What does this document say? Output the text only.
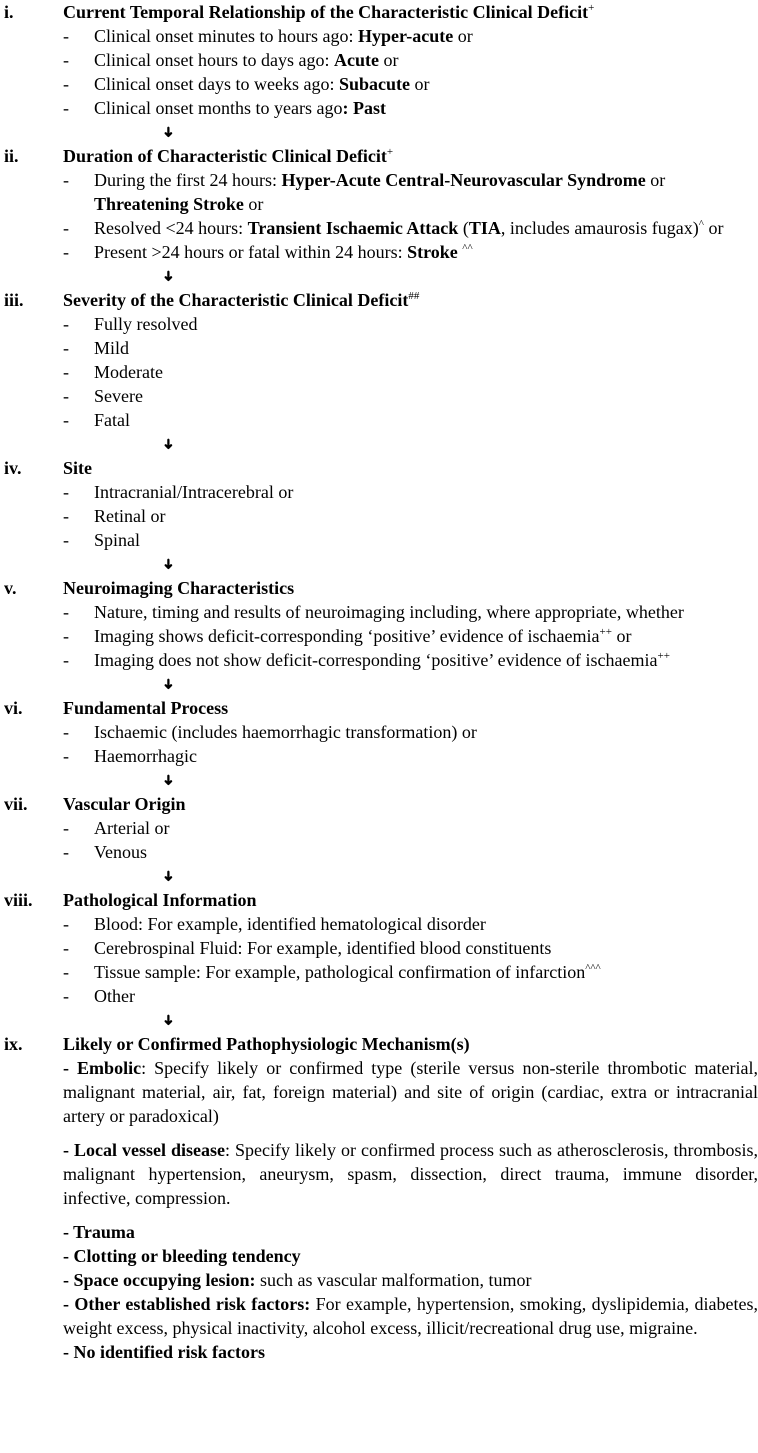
i.	Current Temporal Relationship of the Characteristic Clinical Deficit+
- Clinical onset minutes to hours ago: Hyper-acute or
- Clinical onset hours to days ago: Acute or
- Clinical onset days to weeks ago: Subacute or
- Clinical onset months to years ago: Past
➜
ii.	Duration of Characteristic Clinical Deficit+
- During the first 24 hours: Hyper-Acute Central-Neurovascular Syndrome or Threatening Stroke or
- Resolved <24 hours: Transient Ischaemic Attack (TIA, includes amaurosis fugax)^ or
- Present >24 hours or fatal within 24 hours: Stroke ^^
➜
iii.	Severity of the Characteristic Clinical Deficit##
- Fully resolved
- Mild
- Moderate
- Severe
- Fatal
➜
iv.	Site
- Intracranial/Intracerebral or
- Retinal or
- Spinal
➜
v.	Neuroimaging Characteristics
- Nature, timing and results of neuroimaging including, where appropriate, whether
- Imaging shows deficit-corresponding ‘positive’ evidence of ischaemia++ or
- Imaging does not show deficit-corresponding ‘positive’ evidence of ischaemia++
➜
vi.	Fundamental Process
- Ischaemic (includes haemorrhagic transformation) or
- Haemorrhagic
➜
vii.	Vascular Origin
- Arterial or
- Venous
➜
viii.	Pathological Information
- Blood: For example, identified hematological disorder
- Cerebrospinal Fluid: For example, identified blood constituents
- Tissue sample: For example, pathological confirmation of infarction^^^
- Other
➜
ix.	Likely or Confirmed Pathophysiologic Mechanism(s)
- Embolic: Specify likely or confirmed type (sterile versus non-sterile thrombotic material, malignant material, air, fat, foreign material) and site of origin (cardiac, extra or intracranial artery or paradoxical)
- Local vessel disease: Specify likely or confirmed process such as atherosclerosis, thrombosis, malignant hypertension, aneurysm, spasm, dissection, direct trauma, immune disorder, infective, compression.
- Trauma
- Clotting or bleeding tendency
- Space occupying lesion: such as vascular malformation, tumor
- Other established risk factors: For example, hypertension, smoking, dyslipidemia, diabetes, weight excess, physical inactivity, alcohol excess, illicit/recreational drug use, migraine.
- No identified risk factors
